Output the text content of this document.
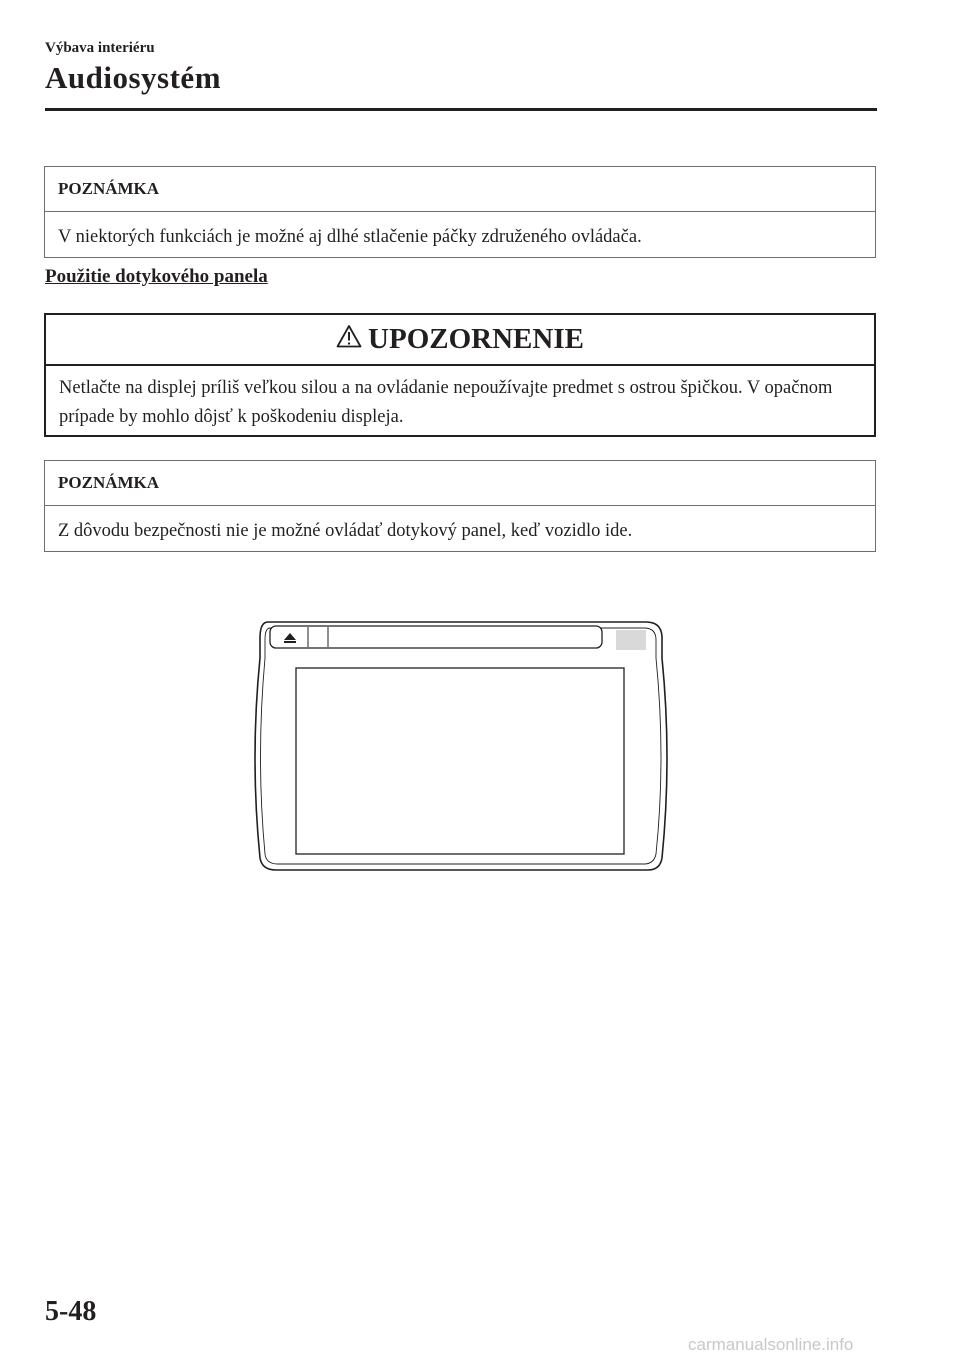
Výbava interiéru
Audiosystém
POZNÁMKA
V niektorých funkciách je možné aj dlhé stlačenie páčky združeného ovládača.
Použitie dotykového panela
UPOZORNENIE
Netlačte na displej príliš veľkou silou a na ovládanie nepoužívajte predmet s ostrou špičkou. V opačnom prípade by mohlo dôjsť k poškodeniu displeja.
POZNÁMKA
Z dôvodu bezpečnosti nie je možné ovládať dotykový panel, keď vozidlo ide.
5-48
carmanualsonline.info
